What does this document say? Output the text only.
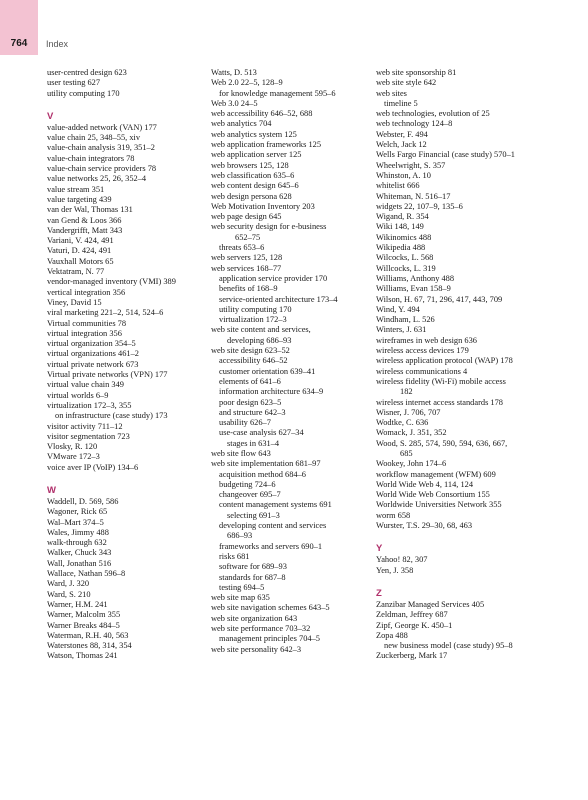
764	Index
user-centred design 623
user testing 627
utility computing 170
V
value-added network (VAN) 177
value chain 25, 348–55, xiv
value-chain analysis 319, 351–2
value-chain integrators 78
value-chain service providers 78
value networks 25, 26, 352–4
value stream 351
value targeting 439
van der Wal, Thomas 131
van Gend & Loos 366
Vandergrifft, Matt 343
Variani, V. 424, 491
Vaturi, D. 424, 491
Vauxhall Motors 65
Vektatram, N. 77
vendor-managed inventory (VMI) 389
vertical integration 356
Viney, David 15
viral marketing 221–2, 514, 524–6
Virtual communities 78
virtual integration 356
virtual organization 354–5
virtual organizations 461–2
virtual private network 673
Virtual private networks (VPN) 177
virtual value chain 349
virtual worlds 6–9
virtualization 172–3, 355
on infrastructure (case study) 173
visitor activity 711–12
visitor segmentation 723
Vlosky, R. 120
VMware 172–3
voice aver IP (VoIP) 134–6
W
Waddell, D. 569, 586
Wagoner, Rick 65
Wal–Mart 374–5
Wales, Jimmy 488
walk-through 632
Walker, Chuck 343
Wall, Jonathan 516
Wallace, Nathan 596–8
Ward, J. 320
Ward, S. 210
Warner, H.M. 241
Warner, Malcolm 355
Warner Breaks 484–5
Waterman, R.H. 40, 563
Waterstones 88, 314, 354
Watson, Thomas 241
Watts, D. 513
Web 2.0 22–5, 128–9
for knowledge management 595–6
Web 3.0 24–5
web accessibility 646–52, 688
web analytics 704
web analytics system 125
web application frameworks 125
web application server 125
web browsers 125, 128
web classification 635–6
web content design 645–6
web design persona 628
Web Motivation Inventory 203
web page design 645
web security design for e-business
652–75
threats 653–6
web servers 125, 128
web services 168–77
application service provider 170
benefits of 168–9
service-oriented architecture 173–4
utility computing 170
virtualization 172–3
web site content and services,
developing 686–93
web site design 623–52
accessibility 646–52
customer orientation 639–41
elements of 641–6
information architecture 634–9
poor design 623–5
and structure 642–3
usability 626–7
use-case analysis 627–34
stages in 631–4
web site flow 643
web site implementation 681–97
acquisition method 684–6
budgeting 724–6
changeover 695–7
content management systems 691
selecting 691–3
developing content and services
686–93
frameworks and servers 690–1
risks 681
software for 689–93
standards for 687–8
testing 694–5
web site map 635
web site navigation schemes 643–5
web site organization 643
web site performance 703–32
management principles 704–5
web site personality 642–3
web site sponsorship 81
web site style 642
web sites
timeline 5
web technologies, evolution of 25
web technology 124–8
Webster, F. 494
Welch, Jack 12
Wells Fargo Financial (case study) 570–1
Wheelwright, S. 357
Whinston, A. 10
whitelist 666
Whiteman, N. 516–17
widgets 22, 107–9, 135–6
Wigand, R. 354
Wiki 148, 149
Wikinomics 488
Wikipedia 488
Wilcocks, L. 568
Willcocks, L. 319
Williams, Anthony 488
Williams, Evan 158–9
Wilson, H. 67, 71, 296, 417, 443, 709
Wind, Y. 494
Windham, L. 526
Winters, J. 631
wireframes in web design 636
wireless access devices 179
wireless application protocol (WAP) 178
wireless communications 4
wireless fidelity (Wi-Fi) mobile access
182
wireless internet access standards 178
Wisner, J. 706, 707
Wodtke, C. 636
Womack, J. 351, 352
Wood, S. 285, 574, 590, 594, 636, 667,
685
Wookey, John 174–6
workflow management (WFM) 609
World Wide Web 4, 114, 124
World Wide Web Consortium 155
Worldwide Universities Network 355
worm 658
Wurster, T.S. 29–30, 68, 463
Y
Yahoo! 82, 307
Yen, J. 358
Z
Zanzibar Managed Services 405
Zeldman, Jeffrey 687
Zipf, George K. 450–1
Zopa 488
new business model (case study) 95–8
Zuckerberg, Mark 17
